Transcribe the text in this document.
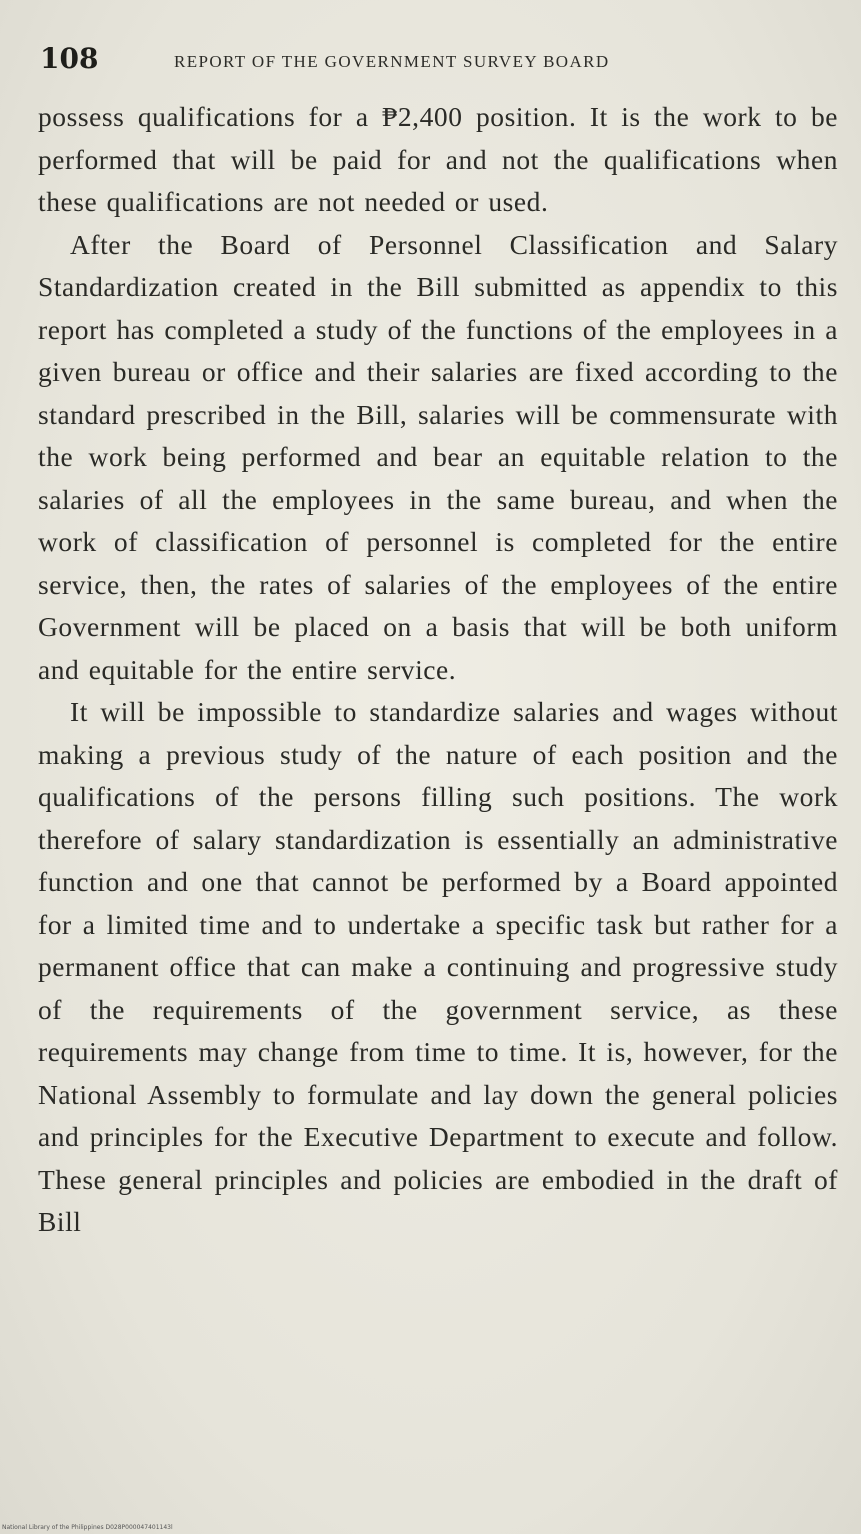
108	REPORT OF THE GOVERNMENT SURVEY BOARD

possess qualifications for a ₱2,400 position. It is the work to be performed that will be paid for and not the qualifications when these qualifications are not needed or used.

After the Board of Personnel Classification and Salary Standardization created in the Bill submitted as appendix to this report has completed a study of the functions of the employees in a given bureau or office and their salaries are fixed according to the standard prescribed in the Bill, salaries will be commensurate with the work being performed and bear an equitable relation to the salaries of all the employees in the same bureau, and when the work of classification of personnel is completed for the entire service, then, the rates of salaries of the employees of the entire Government will be placed on a basis that will be both uniform and equitable for the entire service.

It will be impossible to standardize salaries and wages without making a previous study of the nature of each position and the qualifications of the persons filling such positions. The work therefore of salary standardization is essentially an administrative function and one that cannot be performed by a Board appointed for a limited time and to undertake a specific task but rather for a permanent office that can make a continuing and progressive study of the requirements of the government service, as these requirements may change from time to time. It is, however, for the National Assembly to formulate and lay down the general policies and principles for the Executive Department to execute and follow. These general principles and policies are embodied in the draft of Bill

National Library of the Philippines D028P000047401143l
